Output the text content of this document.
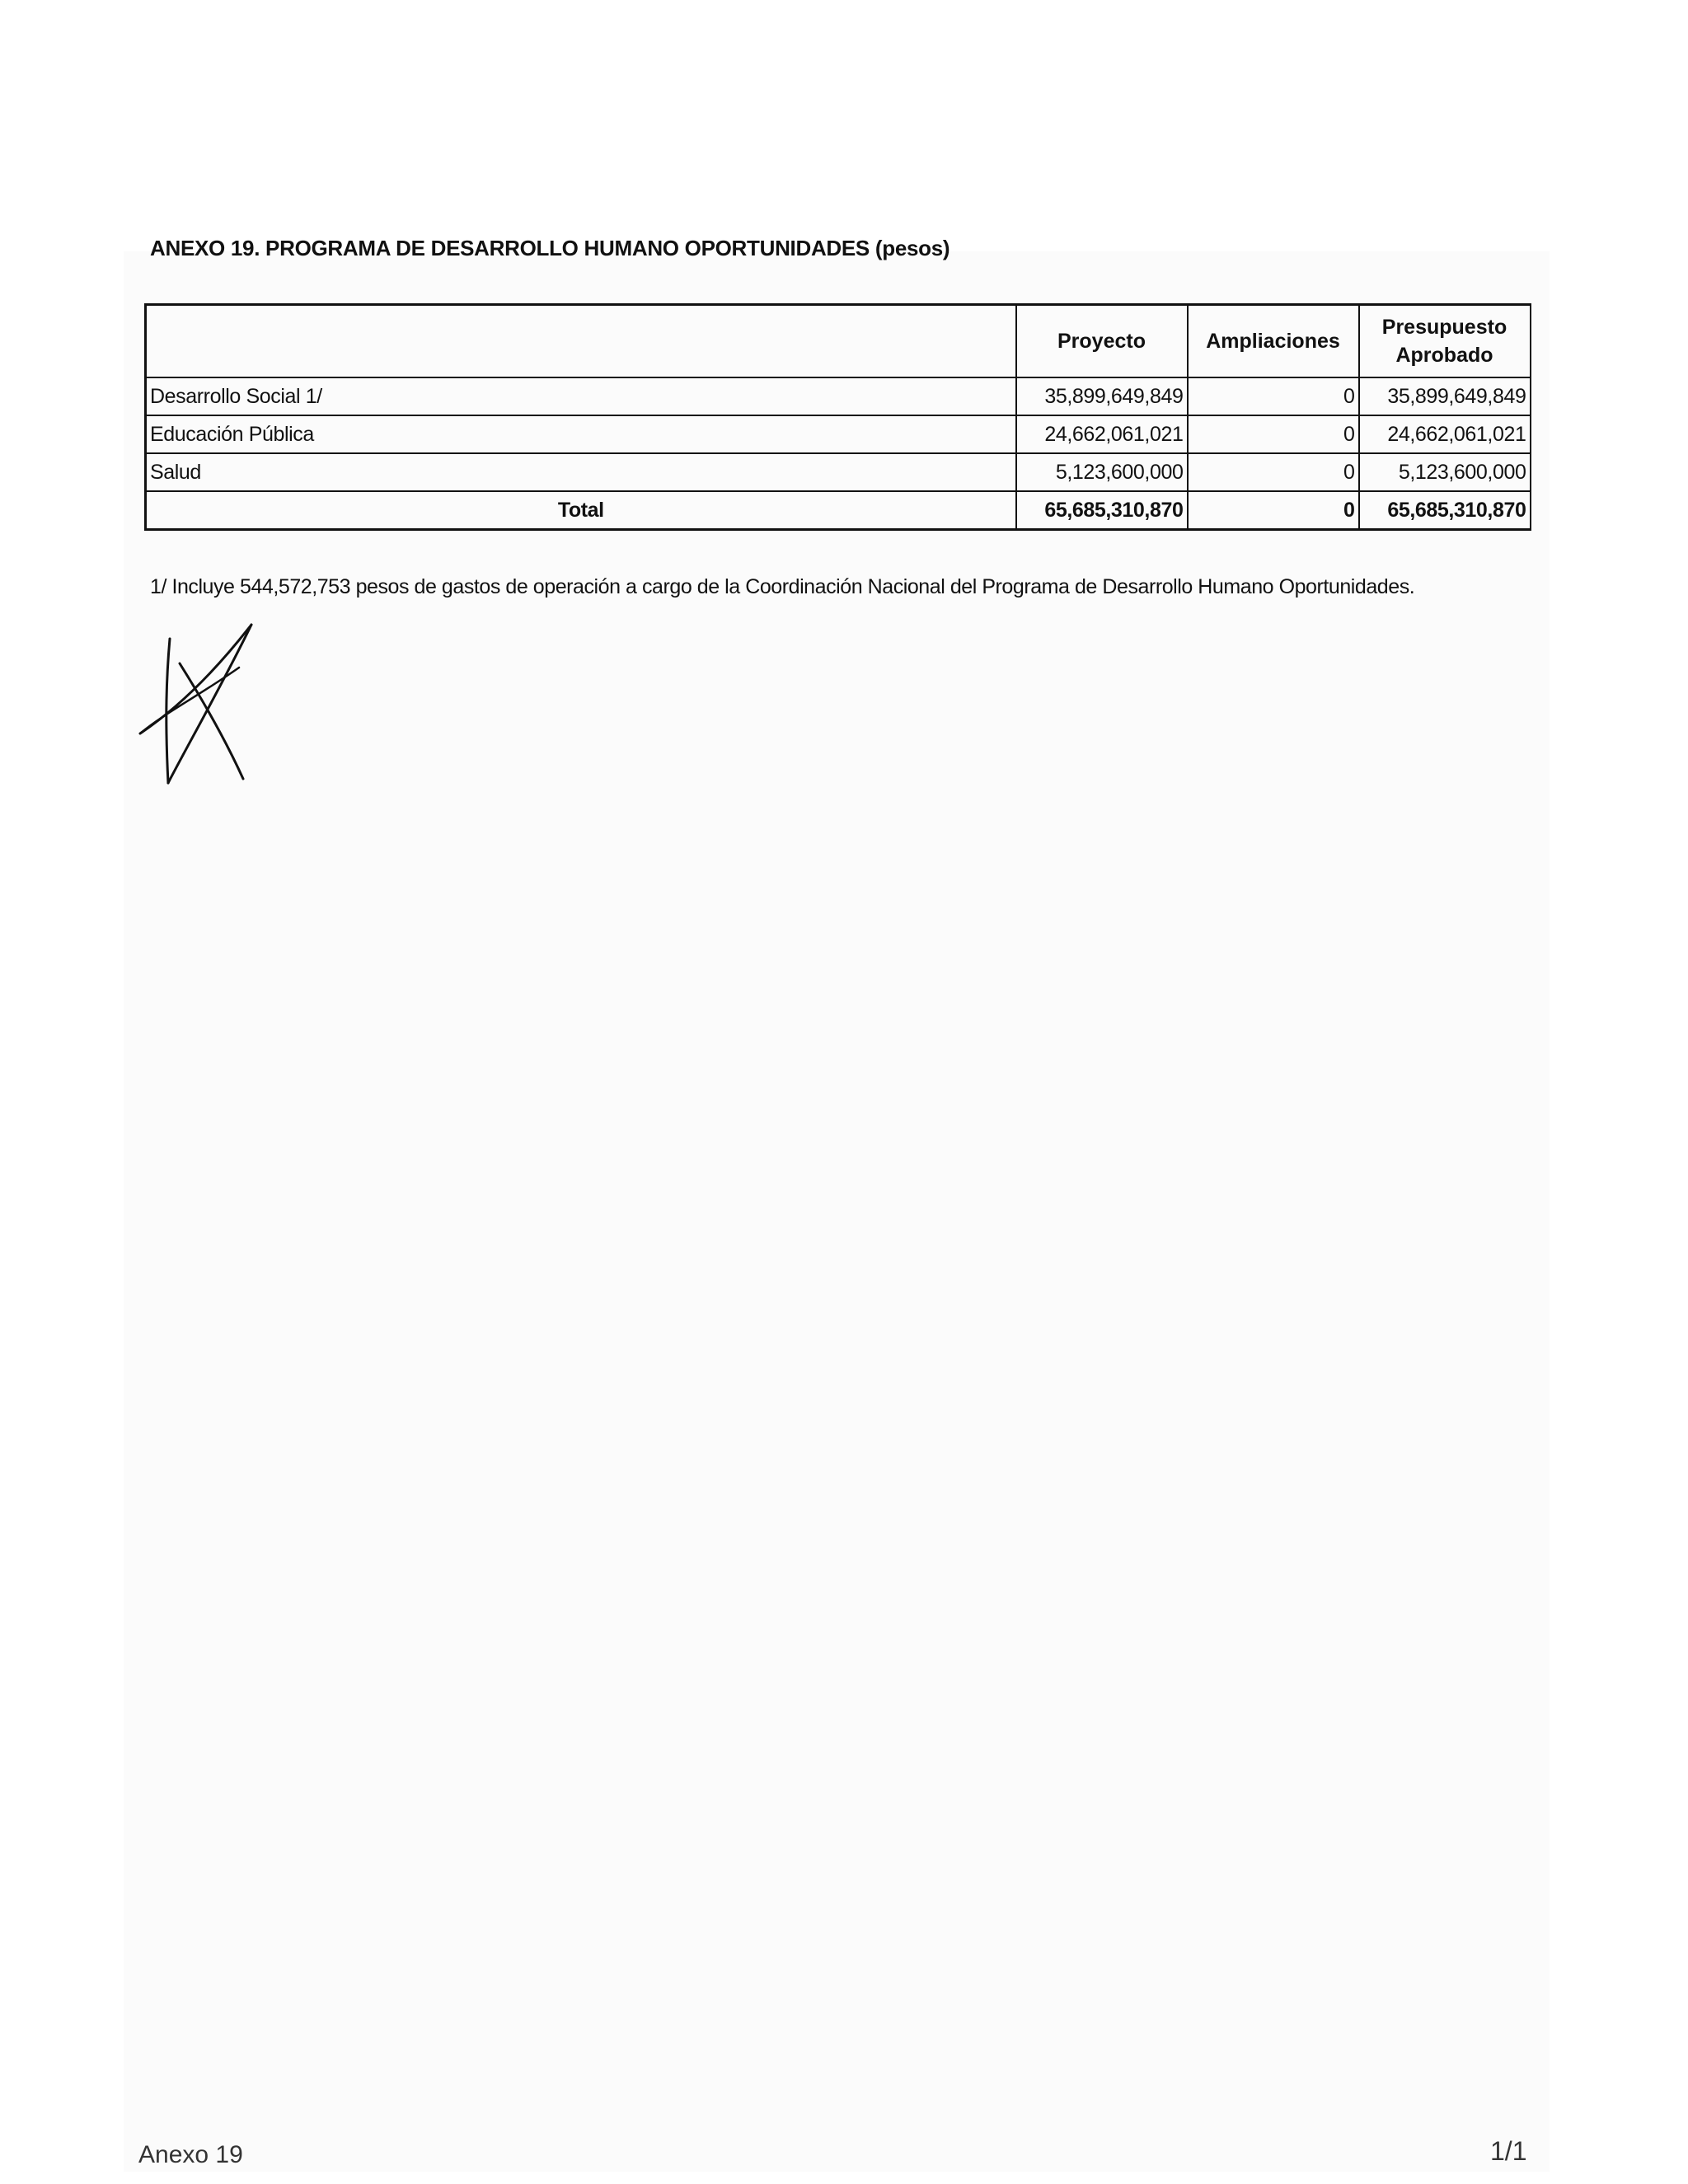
ANEXO 19. PROGRAMA DE DESARROLLO HUMANO OPORTUNIDADES (pesos)
	Proyecto	Ampliaciones	Presupuesto Aprobado
Desarrollo Social 1/	35,899,649,849	0	35,899,649,849
Educación Pública	24,662,061,021	0	24,662,061,021
Salud	5,123,600,000	0	5,123,600,000
Total	65,685,310,870	0	65,685,310,870
1/ Incluye 544,572,753 pesos de gastos de operación a cargo de la Coordinación Nacional del Programa de Desarrollo Humano Oportunidades.
Anexo 19	1/1
